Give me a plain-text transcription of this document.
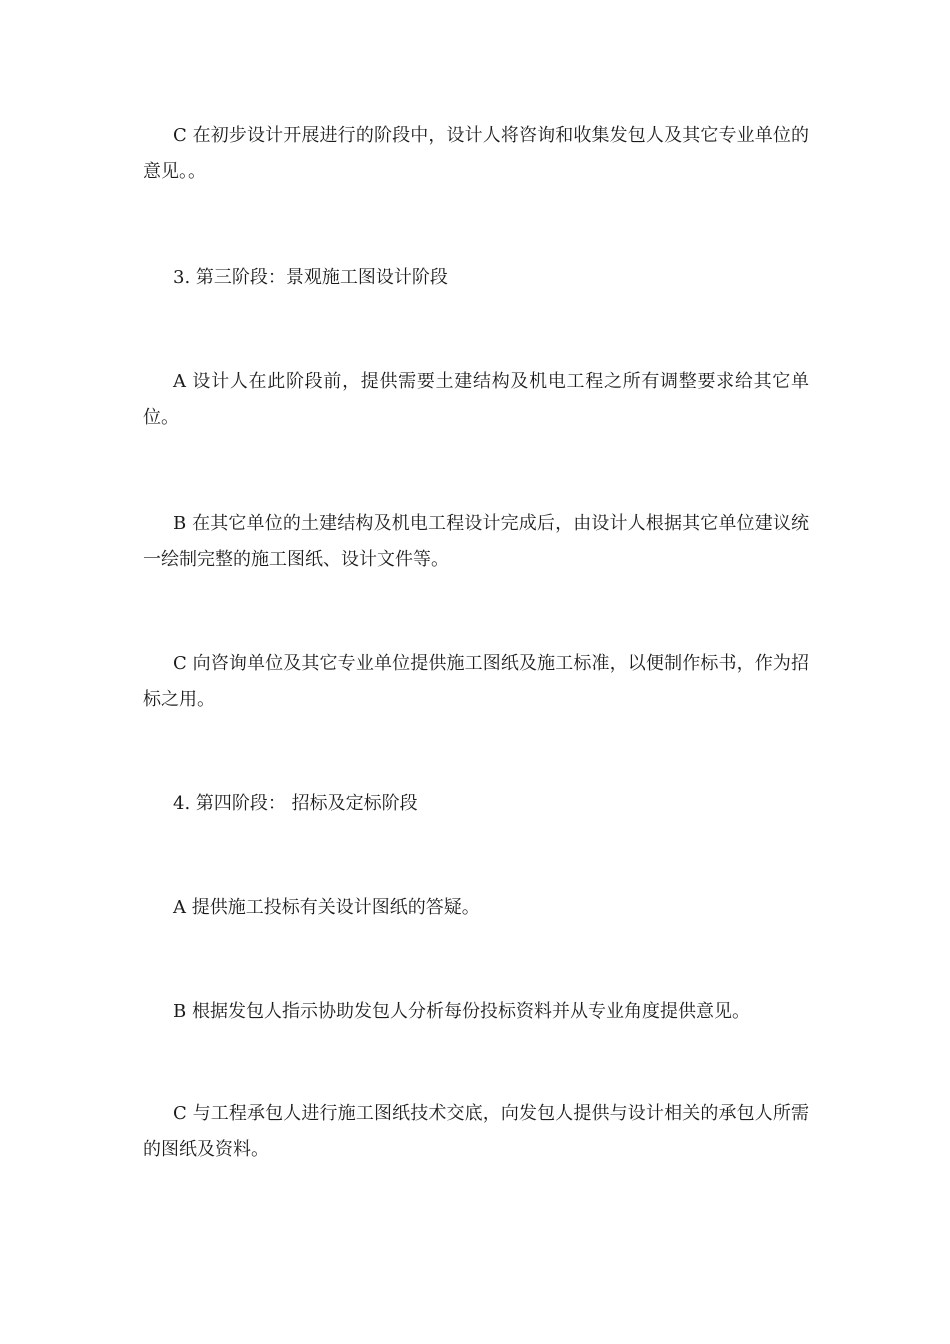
C 在初步设计开展进行的阶段中，设计人将咨询和收集发包人及其它专业单位的意见。。

3. 第三阶段：景观施工图设计阶段

A 设计人在此阶段前，提供需要土建结构及机电工程之所有调整要求给其它单位。

B 在其它单位的土建结构及机电工程设计完成后，由设计人根据其它单位建议统一绘制完整的施工图纸、设计文件等。

C 向咨询单位及其它专业单位提供施工图纸及施工标准，以便制作标书，作为招标之用。

4. 第四阶段： 招标及定标阶段

A 提供施工投标有关设计图纸的答疑。

B 根据发包人指示协助发包人分析每份投标资料并从专业角度提供意见。

C 与工程承包人进行施工图纸技术交底，向发包人提供与设计相关的承包人所需的图纸及资料。
